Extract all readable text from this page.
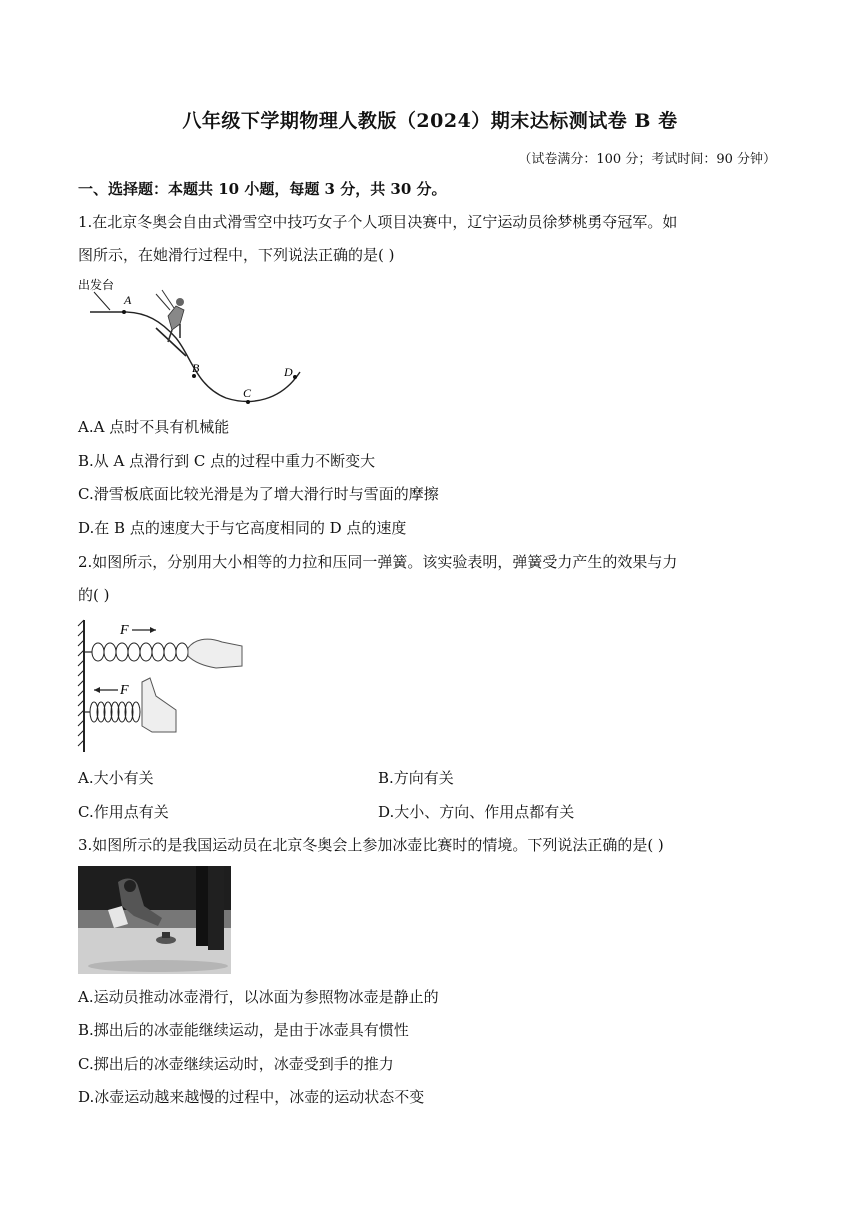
八年级下学期物理人教版（2024）期末达标测试卷 B 卷
（试卷满分：100 分；考试时间：90 分钟）
一、选择题：本题共 10 小题，每题 3 分，共 30 分。
1.在北京冬奥会自由式滑雪空中技巧女子个人项目决赛中，辽宁运动员徐梦桃勇夺冠军。如
图所示，在她滑行过程中，下列说法正确的是( )
出发台
A
B
C
D
A.A 点时不具有机械能
B.从 A 点滑行到 C 点的过程中重力不断变大
C.滑雪板底面比较光滑是为了增大滑行时与雪面的摩擦
D.在 B 点的速度大于与它高度相同的 D 点的速度
2.如图所示，分别用大小相等的力拉和压同一弹簧。该实验表明，弹簧受力产生的效果与力
的( )
F
F
A.大小有关	B.方向有关
C.作用点有关	D.大小、方向、作用点都有关
3.如图所示的是我国运动员在北京冬奥会上参加冰壶比赛时的情境。下列说法正确的是( )
A.运动员推动冰壶滑行，以冰面为参照物冰壶是静止的
B.掷出后的冰壶能继续运动，是由于冰壶具有惯性
C.掷出后的冰壶继续运动时，冰壶受到手的推力
D.冰壶运动越来越慢的过程中，冰壶的运动状态不变
